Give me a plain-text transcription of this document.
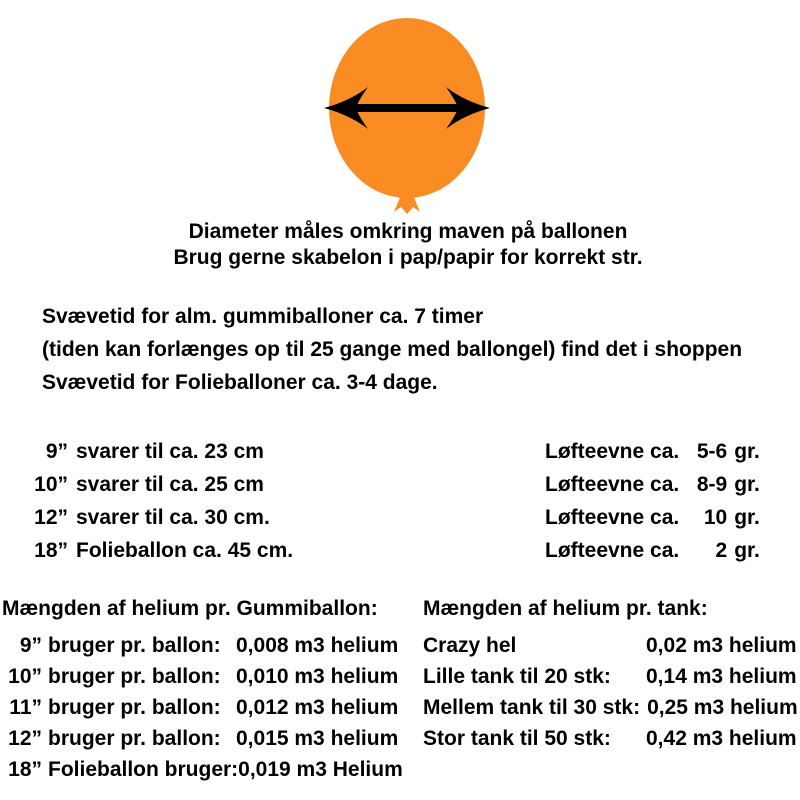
Diameter måles omkring maven på ballonen
Brug gerne skabelon i pap/papir for korrekt str.
Svævetid for alm. gummiballoner ca. 7 timer
(tiden kan forlænges op til 25 gange med ballongel) find det i shoppen
Svævetid for Folieballoner ca. 3-4 dage.
9” svarer til ca. 23 cm	Løfteevne ca. 5-6 gr.
10” svarer til ca. 25 cm	Løfteevne ca. 8-9 gr.
12” svarer til ca. 30 cm.	Løfteevne ca. 10 gr.
18” Folieballon ca. 45 cm.	Løfteevne ca. 2 gr.
Mængden af helium pr. Gummiballon:
9” bruger pr. ballon: 0,008 m3 helium
10” bruger pr. ballon: 0,010 m3 helium
11” bruger pr. ballon: 0,012 m3 helium
12” bruger pr. ballon: 0,015 m3 helium
18” Folieballon bruger:0,019 m3 Helium
Mængden af helium pr. tank:
Crazy hel	0,02 m3 helium
Lille tank til 20 stk: 0,14 m3 helium
Mellem tank til 30 stk: 0,25 m3 helium
Stor tank til 50 stk: 0,42 m3 helium
